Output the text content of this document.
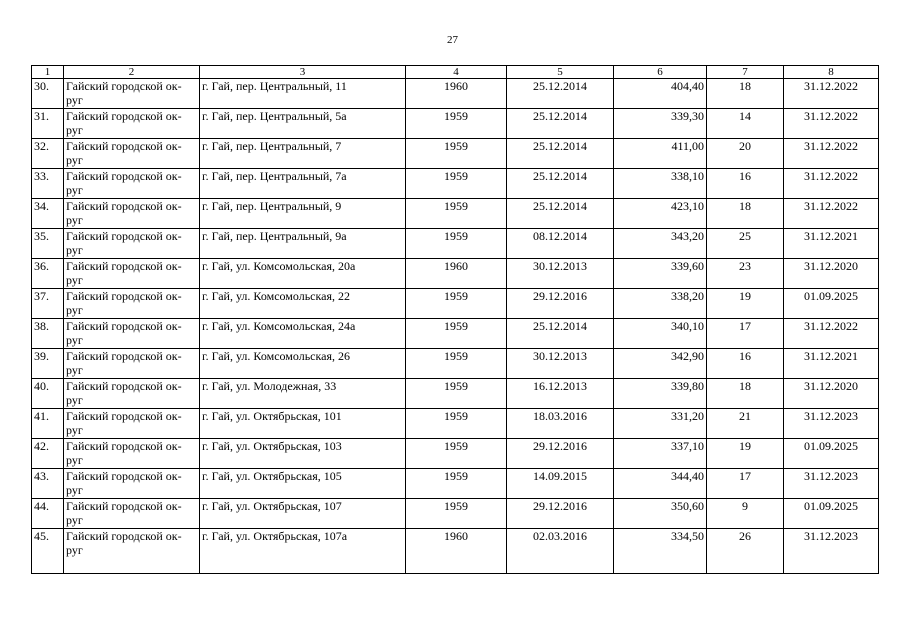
27
1	2	3	4	5	6	7	8
30.	Гайский городской ок-руг	г. Гай, пер. Центральный, 11	1960	25.12.2014	404,40	18	31.12.2022
31.	Гайский городской ок-руг	г. Гай, пер. Центральный, 5а	1959	25.12.2014	339,30	14	31.12.2022
32.	Гайский городской ок-руг	г. Гай, пер. Центральный, 7	1959	25.12.2014	411,00	20	31.12.2022
33.	Гайский городской ок-руг	г. Гай, пер. Центральный, 7а	1959	25.12.2014	338,10	16	31.12.2022
34.	Гайский городской ок-руг	г. Гай, пер. Центральный, 9	1959	25.12.2014	423,10	18	31.12.2022
35.	Гайский городской ок-руг	г. Гай, пер. Центральный, 9а	1959	08.12.2014	343,20	25	31.12.2021
36.	Гайский городской ок-руг	г. Гай, ул. Комсомольская, 20а	1960	30.12.2013	339,60	23	31.12.2020
37.	Гайский городской ок-руг	г. Гай, ул. Комсомольская, 22	1959	29.12.2016	338,20	19	01.09.2025
38.	Гайский городской ок-руг	г. Гай, ул. Комсомольская, 24а	1959	25.12.2014	340,10	17	31.12.2022
39.	Гайский городской ок-руг	г. Гай, ул. Комсомольская, 26	1959	30.12.2013	342,90	16	31.12.2021
40.	Гайский городской ок-руг	г. Гай, ул. Молодежная, 33	1959	16.12.2013	339,80	18	31.12.2020
41.	Гайский городской ок-руг	г. Гай, ул. Октябрьская, 101	1959	18.03.2016	331,20	21	31.12.2023
42.	Гайский городской ок-руг	г. Гай, ул. Октябрьская, 103	1959	29.12.2016	337,10	19	01.09.2025
43.	Гайский городской ок-руг	г. Гай, ул. Октябрьская, 105	1959	14.09.2015	344,40	17	31.12.2023
44.	Гайский городской ок-руг	г. Гай, ул. Октябрьская, 107	1959	29.12.2016	350,60	9	01.09.2025
45.	Гайский городской ок-руг	г. Гай, ул. Октябрьская, 107а	1960	02.03.2016	334,50	26	31.12.2023
